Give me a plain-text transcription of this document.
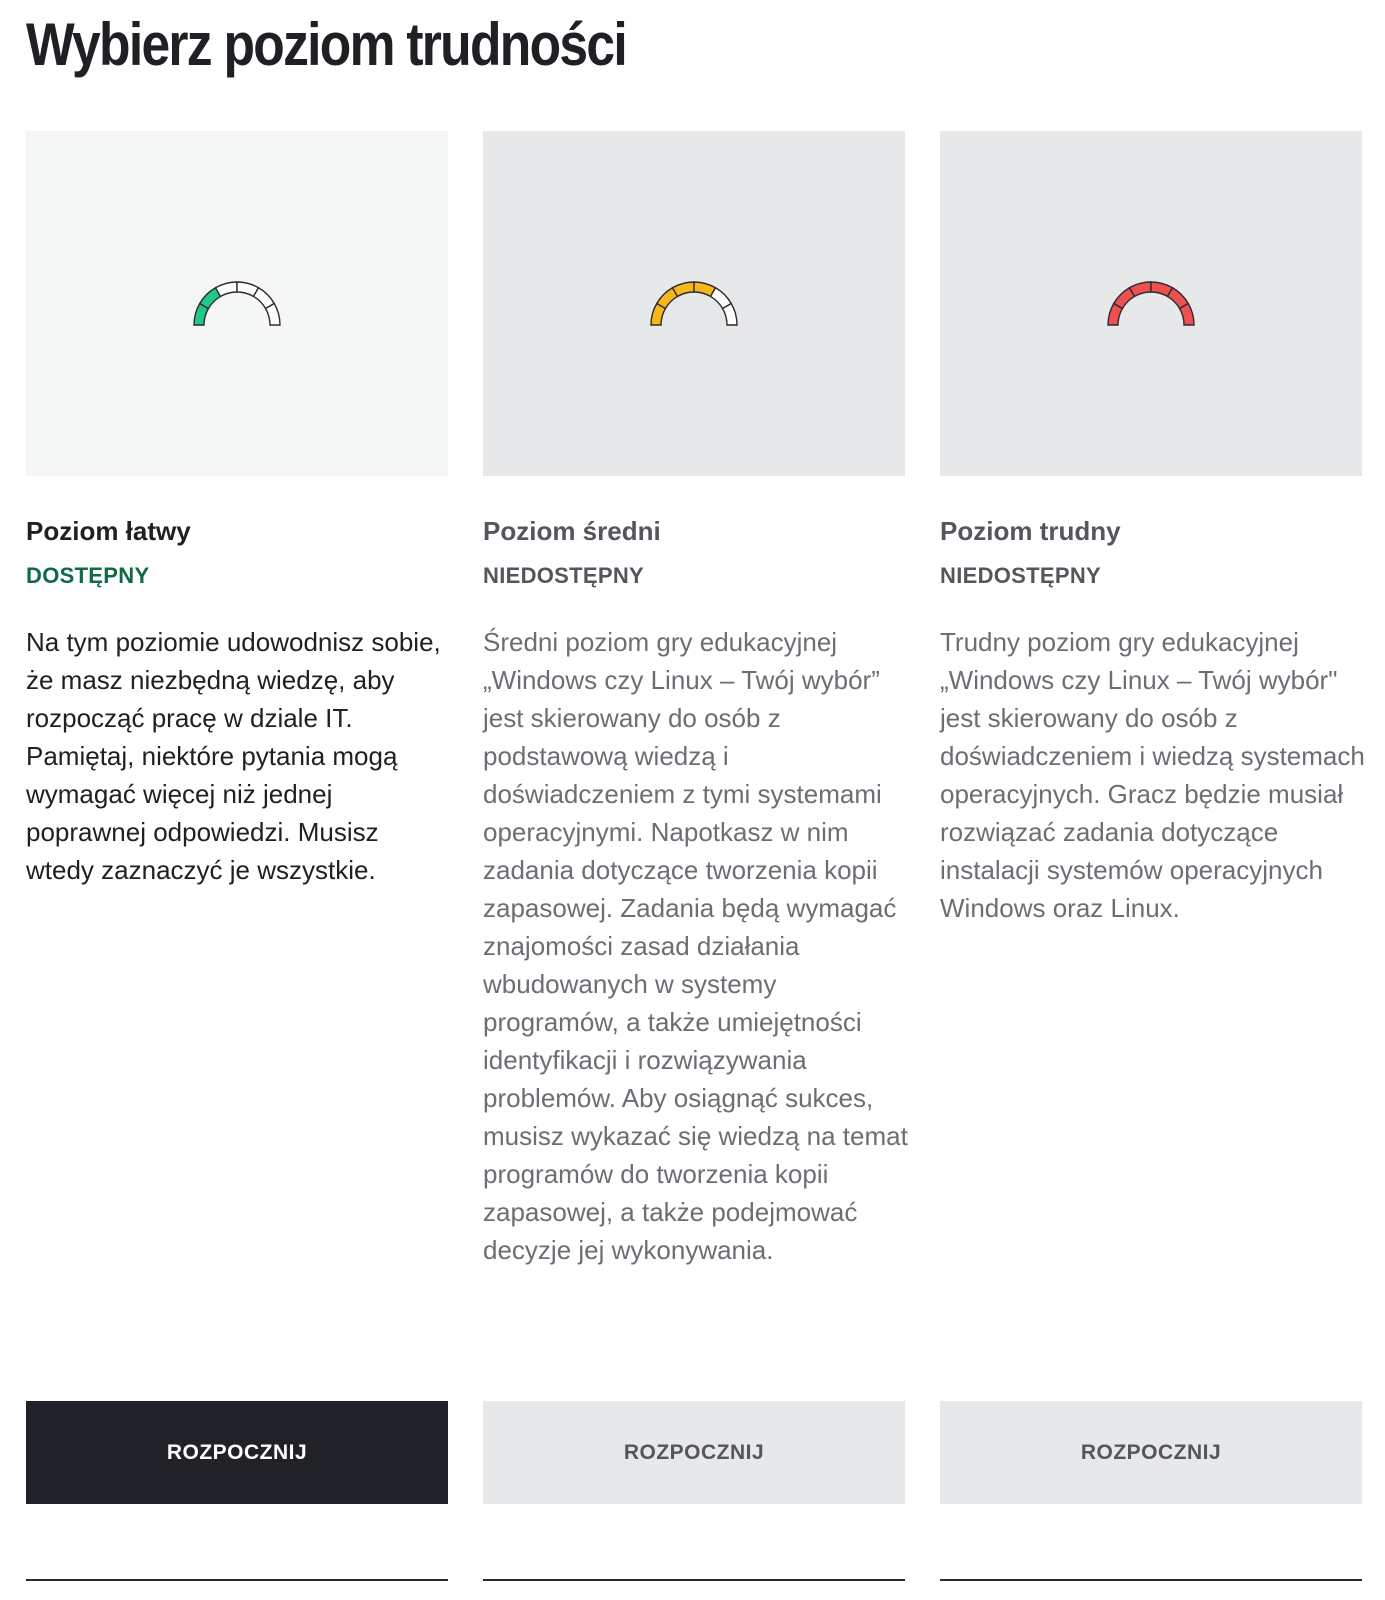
Wybierz poziom trudności
Poziom łatwy
DOSTĘPNY

Na tym poziomie udowodnisz sobie, że masz niezbędną wiedzę, aby rozpocząć pracę w dziale IT. Pamiętaj, niektóre pytania mogą wymagać więcej niż jednej poprawnej odpowiedzi. Musisz wtedy zaznaczyć je wszystkie.

ROZPOCZNIJ
Poziom średni
NIEDOSTĘPNY

Średni poziom gry edukacyjnej „Windows czy Linux – Twój wybór” jest skierowany do osób z podstawową wiedzą i doświadczeniem z tymi systemami operacyjnymi. Napotkasz w nim zadania dotyczące tworzenia kopii zapasowej. Zadania będą wymagać znajomości zasad działania wbudowanych w systemy programów, a także umiejętności identyfikacji i rozwiązywania problemów. Aby osiągnąć sukces, musisz wykazać się wiedzą na temat programów do tworzenia kopii zapasowej, a także podejmować decyzje jej wykonywania.

ROZPOCZNIJ
Poziom trudny
NIEDOSTĘPNY

Trudny poziom gry edukacyjnej „Windows czy Linux – Twój wybór" jest skierowany do osób z doświadczeniem i wiedzą systemach operacyjnych. Gracz będzie musiał rozwiązać zadania dotyczące instalacji systemów operacyjnych Windows oraz Linux.

ROZPOCZNIJ
